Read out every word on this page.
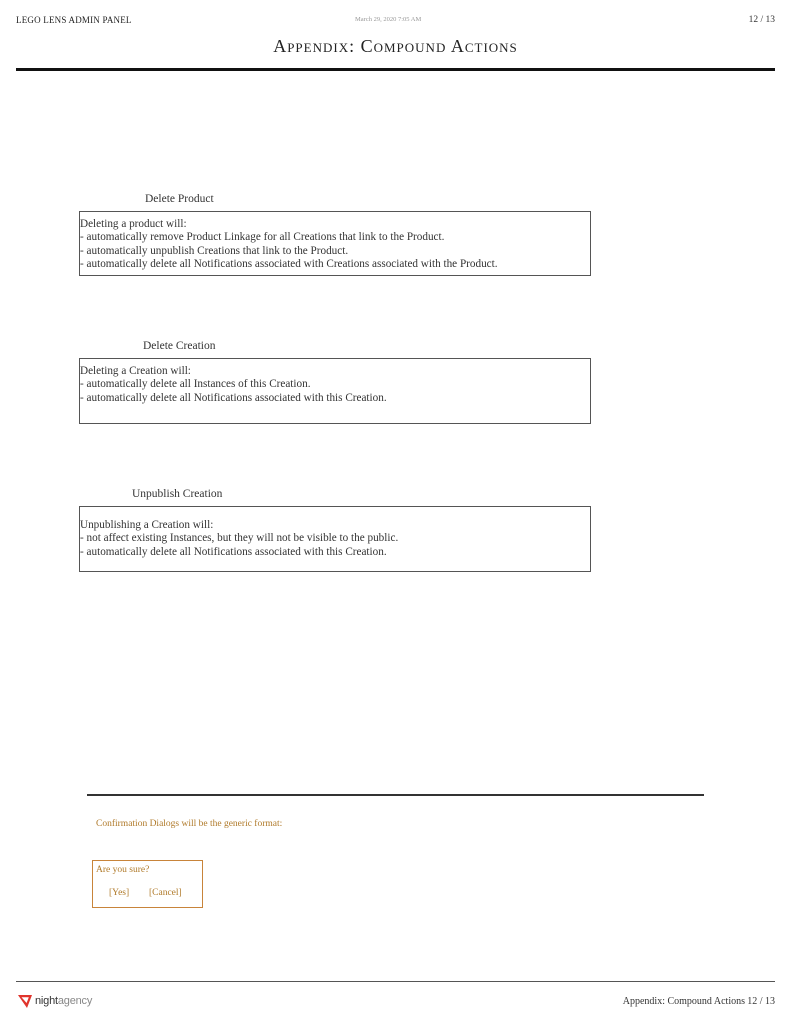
LEGO LENS ADMIN PANEL	March 29, 2020 7:05 AM	12 / 13
Appendix: Compound Actions
Delete Product
Deleting a product will:
- automatically remove Product Linkage for all Creations that link to the Product.
- automatically unpublish Creations that link to the Product.
- automatically delete all Notifications associated with Creations associated with the Product.
Delete Creation
Deleting a Creation will:
- automatically delete all Instances of this Creation.
- automatically delete all Notifications associated with this Creation.
Unpublish Creation
Unpublishing a Creation will:
- not affect existing Instances, but they will not be visible to the public.
- automatically delete all Notifications associated with this Creation.
Confirmation Dialogs will be the generic format:
Are you sure?
[Yes] [Cancel]
nightagency	Appendix: Compound Actions 12 / 13
